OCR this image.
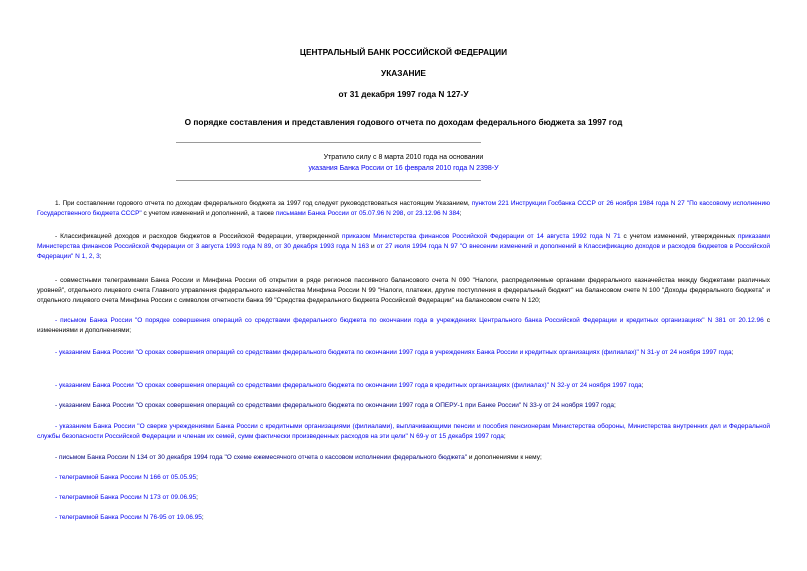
ЦЕНТРАЛЬНЫЙ БАНК РОССИЙСКОЙ ФЕДЕРАЦИИ
УКАЗАНИЕ
от 31 декабря 1997 года N 127-У
О порядке составления и представления годового отчета по доходам федерального бюджета за 1997 год
Утратило силу с 8 марта 2010 года на основании
указания Банка России от 16 февраля 2010 года N 2398-У
1. При составлении годового отчета по доходам федерального бюджета за 1997 год следует руководствоваться настоящим Указанием, пунктом 221 Инструкции Госбанка СССР от 26 ноября 1984 года N 27 "По кассовому исполнению Государственного бюджета СССР" с учетом изменений и дополнений, а также письмами Банка России от 05.07.96 N 298, от 23.12.96 N 384;
- Классификацией доходов и расходов бюджетов в Российской Федерации, утвержденной приказом Министерства финансов Российской Федерации от 14 августа 1992 года N 71 с учетом изменений, утвержденных приказами Министерства финансов Российской Федерации от 3 августа 1993 года N 89, от 30 декабря 1993 года N 163 и от 27 июля 1994 года N 97 "О внесении изменений и дополнений в Классификацию доходов и расходов бюджетов в Российской Федерации" N 1, 2, 3;
- совместными телеграммами Банка России и Минфина России об открытии в ряде регионов пассивного балансового счета N 090 "Налоги, распределяемые органами федерального казначейства между бюджетами различных уровней", отдельного лицевого счета Главного управления федерального казначейства Минфина России N 99 "Налоги, платежи, другие поступления в федеральный бюджет" на балансовом счете N 100 "Доходы федерального бюджета" и отдельного лицевого счета Минфина России с символом отчетности банка 99 "Средства федерального бюджета Российской Федерации" на балансовом счете N 120;
- письмом Банка России "О порядке совершения операций со средствами федерального бюджета по окончании года в учреждениях Центрального банка Российской Федерации и кредитных организациях" N 381 от 20.12.96 с изменениями и дополнениями;
- указанием Банка России "О сроках совершения операций со средствами федерального бюджета по окончании 1997 года в учреждениях Банка России и кредитных организациях (филиалах)" N 31-у от 24 ноября 1997 года;
- указанием Банка России "О сроках совершения операций со средствами федерального бюджета по окончании 1997 года в кредитных организациях (филиалах)" N 32-у от 24 ноября 1997 года;
- указанием Банка России "О сроках совершения операций со средствами федерального бюджета по окончании 1997 года в ОПЕРУ-1 при Банке России" N 33-у от 24 ноября 1997 года;
- указанием Банка России "О сверке учреждениями Банка России с кредитными организациями (филиалами), выплачивающими пенсии и пособия пенсионерам Министерства обороны, Министерства внутренних дел и Федеральной службы безопасности Российской Федерации и членам их семей, сумм фактически произведенных расходов на эти цели" N 69-у от 15 декабря 1997 года;
- письмом Банка России N 134 от 30 декабря 1994 года "О схеме ежемесячного отчета о кассовом исполнении федерального бюджета" и дополнениями к нему;
- телеграммой Банка России N 166 от 05.05.95;
- телеграммой Банка России N 173 от 09.06.95;
- телеграммой Банка России N 76-95 от 19.06.95;
